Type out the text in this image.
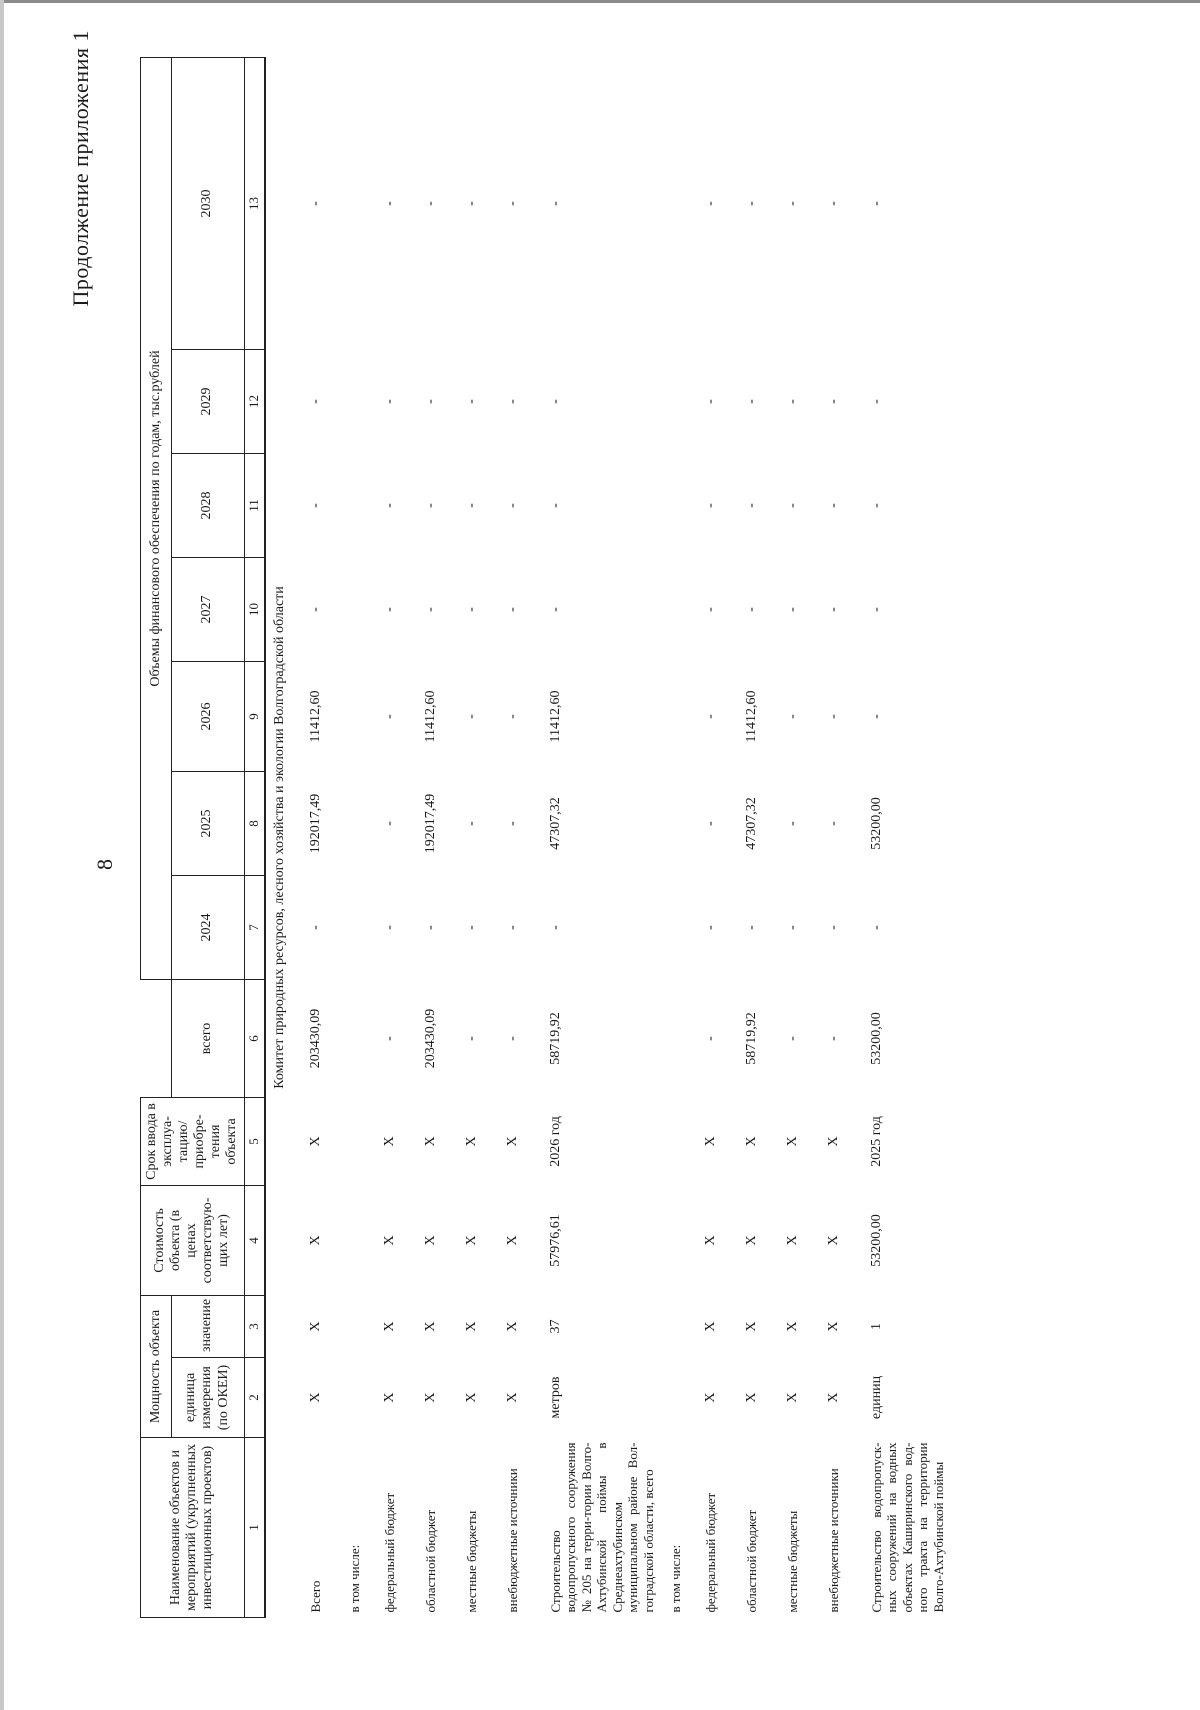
8
Продолжение приложения 1
Наименование объектов и мероприятий (укрупненных инвестиционных проектов)	Мощность объекта		Стоимость объекта (в ценах соответствую-щих лет)	Срок ввода в эксплуа-тацию/ приобре-тения объекта		Объемы финансового обеспечения по годам, тыс.рублей						
	единица измерения (по ОКЕИ)	значение			всего	2024	2025	2026	2027	2028	2029	2030
1	2	3	4	5	6	7	8	9	10	11	12	13
Комитет природных ресурсов, лесного хозяйства и экологии Волгоградской области												
Всего	X	X	X	X	203430,09	-	192017,49	11412,60	-	-	-	-
в том числе:												
федеральный бюджет	X	X	X	X	-	-	-	-	-	-	-	-
областной бюджет	X	X	X	X	203430,09	-	192017,49	11412,60	-	-	-	-
местные бюджеты	X	X	X	X	-	-	-	-	-	-	-	-
внебюджетные источники	X	X	X	X	-	-	-	-	-	-	-	-
Строительство водопропускного сооружения № 205 на терри-тории Волго-Ахтубинской поймы в Среднеахтубинском муниципальном районе Вол-гоградской области, всего	метров	37	57976,61	2026 год	58719,92	-	47307,32	11412,60	-	-	-	-
в том числе:												
федеральный бюджет	X	X	X	X	-	-	-	-	-	-	-	-
областной бюджет	X	X	X	X	58719,92	-	47307,32	11412,60	-	-	-	-
местные бюджеты	X	X	X	X	-	-	-	-	-	-	-	-
внебюджетные источники	X	X	X	X	-	-	-	-	-	-	-	-
Строительство водопропуск-ных сооружений на водных объектах Каширинского вод-ного тракта на территории Волго-Ахтубинской поймы	единиц	1	53200,00	2025 год	53200,00	-	53200,00	-	-	-	-	-
